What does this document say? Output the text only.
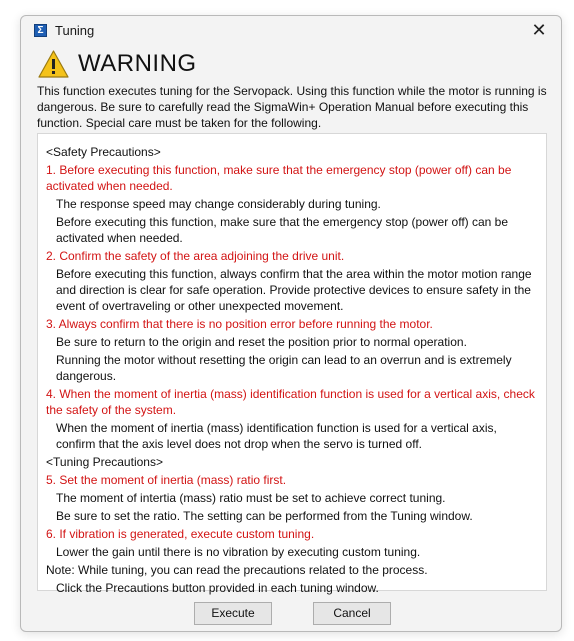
Σ Tuning	✕
WARNING
This function executes tuning for the Servopack. Using this function while the motor is running is dangerous. Be sure to carefully read the SigmaWin+ Operation Manual before executing this function. Special care must be taken for the following.

<Safety Precautions>

1. Before executing this function, make sure that the emergency stop (power off) can be activated when needed.

The response speed may change considerably during tuning.

Before executing this function, make sure that the emergency stop (power off) can be activated when needed.

2. Confirm the safety of the area adjoining the drive unit.

Before executing this function, always confirm that the area within the motor motion range and direction is clear for safe operation. Provide protective devices to ensure safety in the event of overtraveling or other unexpected movement.

3. Always confirm that there is no position error before running the motor.

Be sure to return to the origin and reset the position prior to normal operation.

Running the motor without resetting the origin can lead to an overrun and is extremely dangerous.

4. When the moment of inertia (mass) identification function is used for a vertical axis, check the safety of the system.

When the moment of inertia (mass) identification function is used for a vertical axis, confirm that the axis level does not drop when the servo is turned off.

<Tuning Precautions>

5. Set the moment of inertia (mass) ratio first.

The moment of intertia (mass) ratio must be set to achieve correct tuning.

Be sure to set the ratio. The setting can be performed from the Tuning window.

6. If vibration is generated, execute custom tuning.

Lower the gain until there is no vibration by executing custom tuning.

Note: While tuning, you can read the precautions related to the process.

Click the Precautions button provided in each tuning window.

Execute	Cancel
